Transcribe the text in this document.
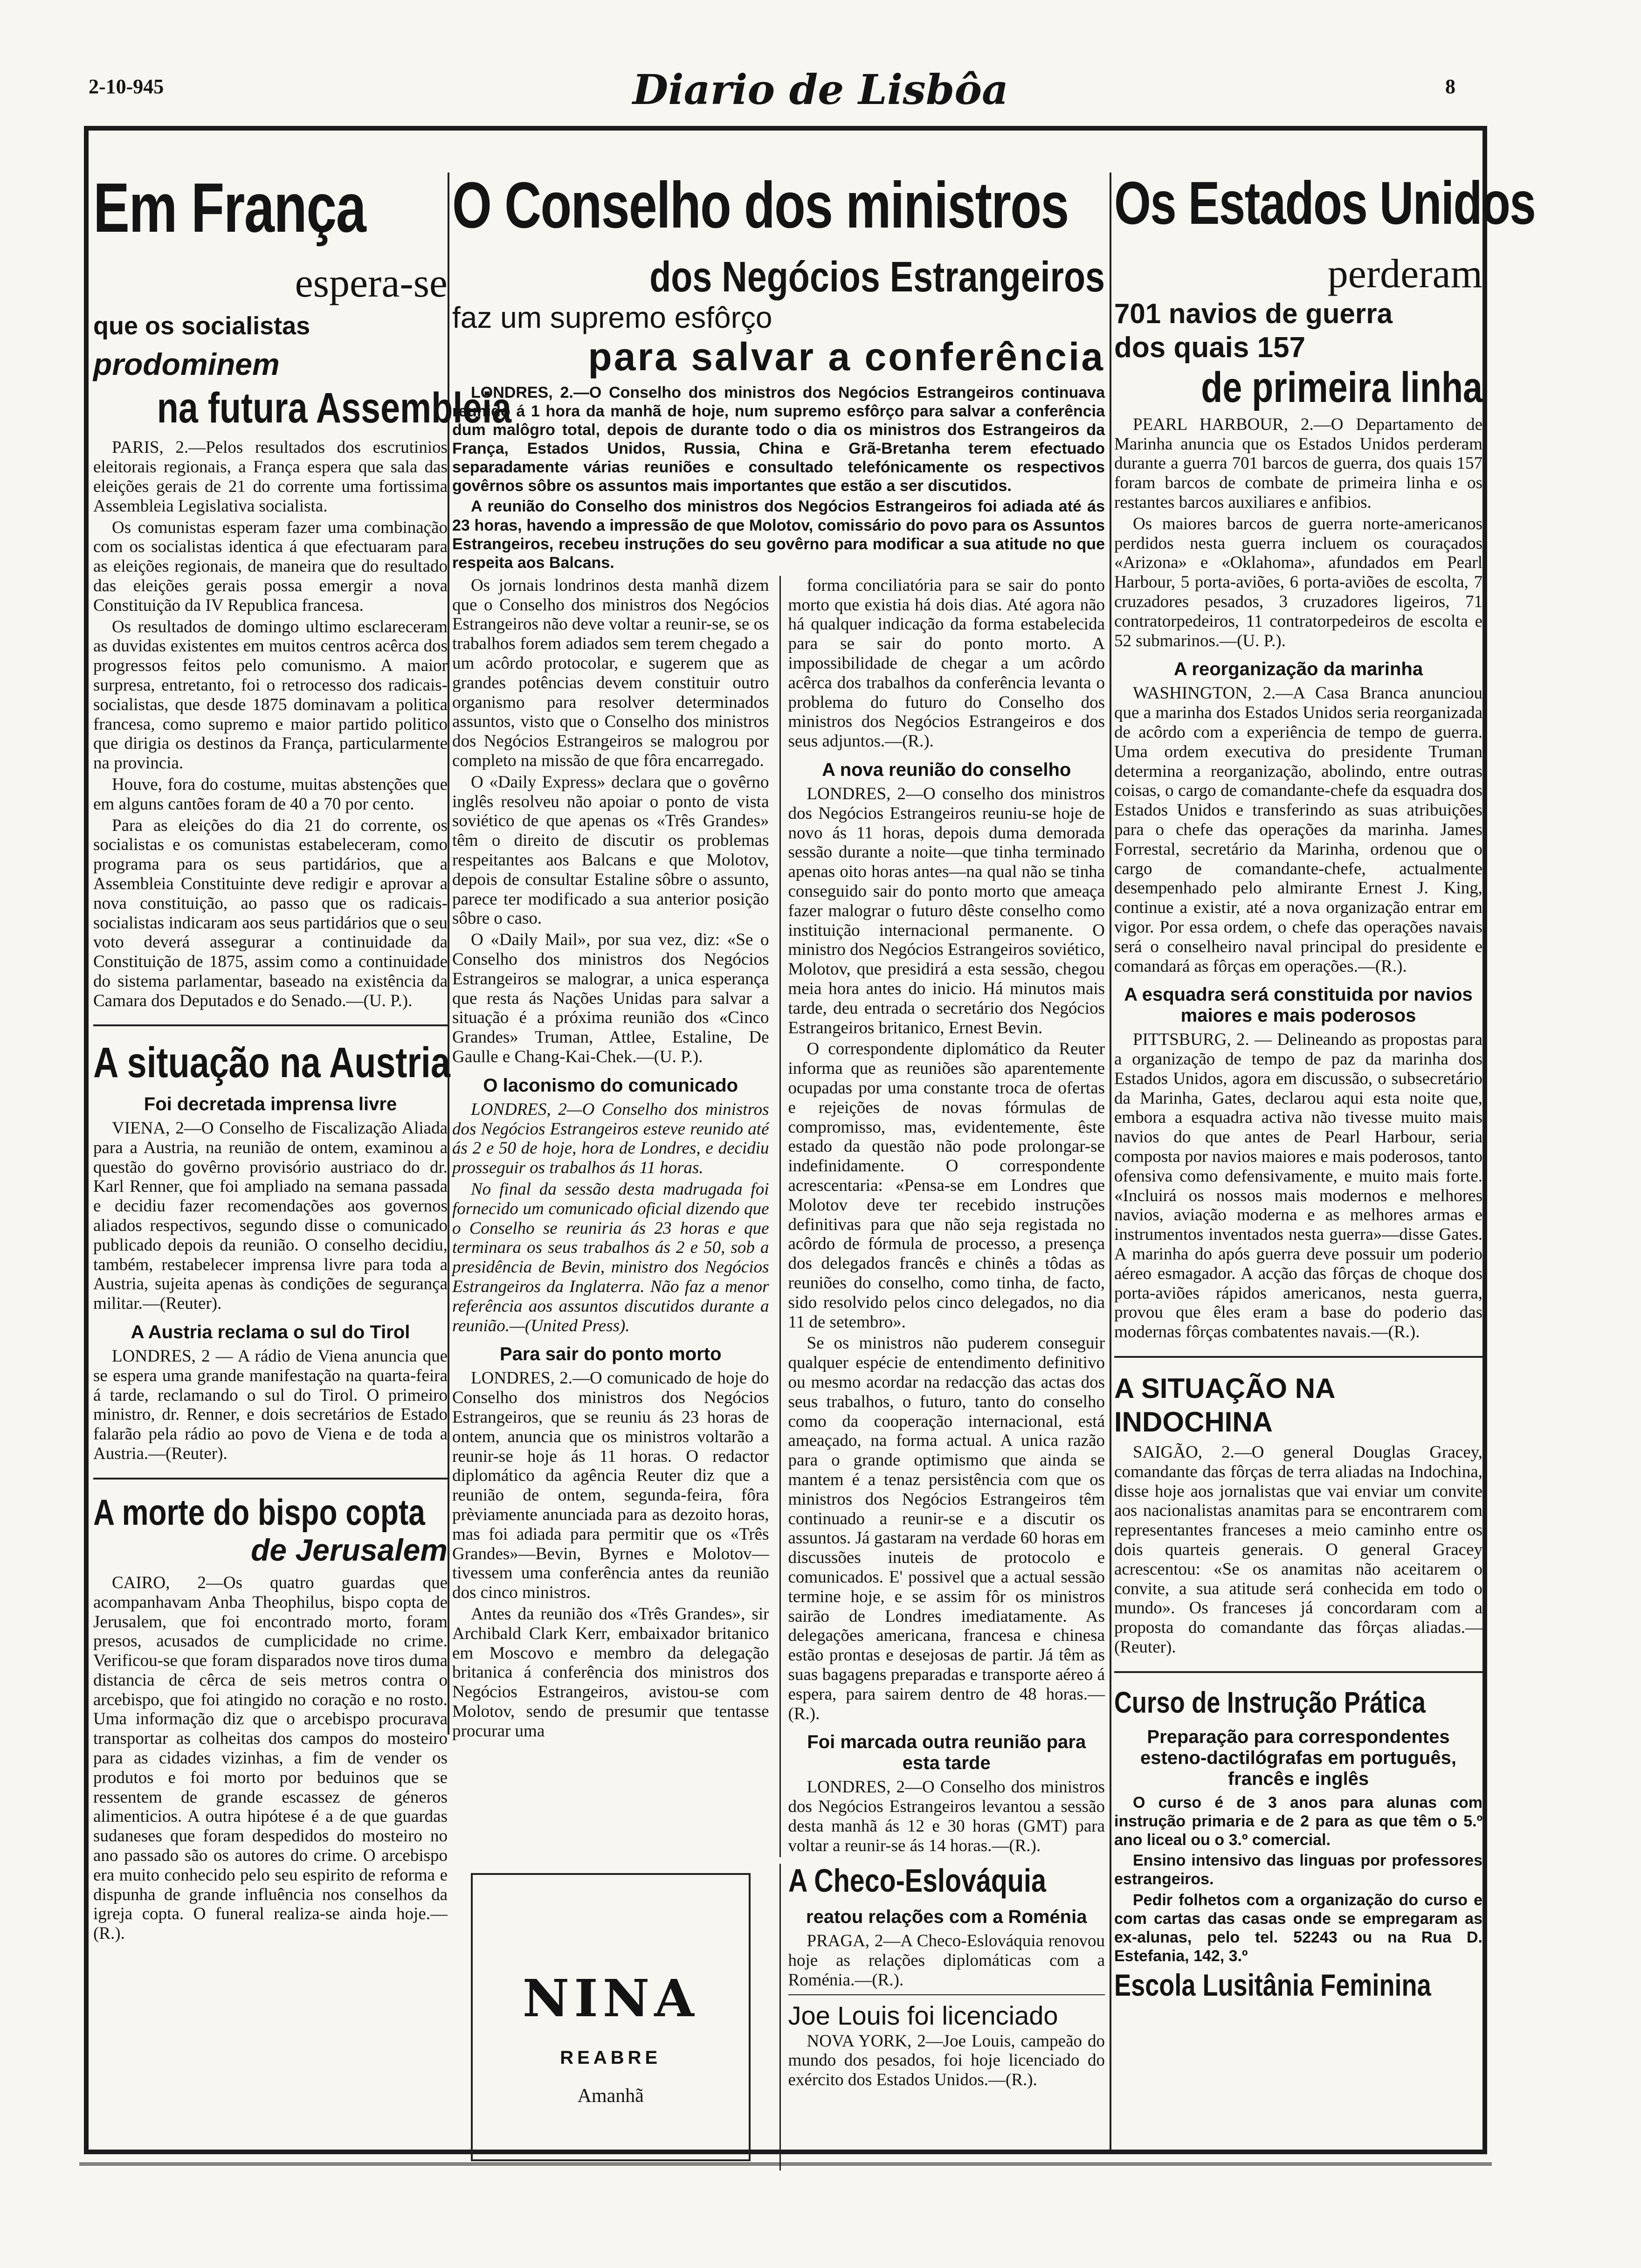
2-10-945	Diario de Lisbôa	8
Em França
espera-se
que os socialistas
prodominem
na futura Assembleia

PARIS, 2.—Pelos resultados dos escrutinios eleitorais regionais, a França espera que sala das eleições gerais de 21 do corrente uma fortissima Assembleia Legislativa socialista.

Os comunistas esperam fazer uma combinação com os socialistas identica á que efectuaram para as eleições regionais, de maneira que do resultado das eleições gerais possa emergir a nova Constituição da IV Republica francesa.

Os resultados de domingo ultimo esclareceram as duvidas existentes em muitos centros acêrca dos progressos feitos pelo comunismo. A maior surpresa, entretanto, foi o retrocesso dos radicais-socialistas, que desde 1875 dominavam a politica francesa, como supremo e maior partido politico que dirigia os destinos da França, particularmente na provincia.

Houve, fora do costume, muitas abstenções que em alguns cantões foram de 40 a 70 por cento.

Para as eleições do dia 21 do corrente, os socialistas e os comunistas estabeleceram, como programa para os seus partidários, que a Assembleia Constituinte deve redigir e aprovar a nova constituição, ao passo que os radicais-socialistas indicaram aos seus partidários que o seu voto deverá assegurar a continuidade da Constituição de 1875, assim como a continuidade do sistema parlamentar, baseado na existência da Camara dos Deputados e do Senado.—(U. P.).

A situação na Austria
Foi decretada imprensa livre

VIENA, 2—O Conselho de Fiscalização Aliada para a Austria, na reunião de ontem, examinou a questão do govêrno provisório austriaco do dr. Karl Renner, que foi ampliado na semana passada e decidiu fazer recomendações aos governos aliados respectivos, segundo disse o comunicado publicado depois da reunião. O conselho decidiu, também, restabelecer imprensa livre para toda a Austria, sujeita apenas às condições de segurança militar.—(Reuter).

A Austria reclama o sul do Tirol

LONDRES, 2 — A rádio de Viena anuncia que se espera uma grande manifestação na quarta-feira á tarde, reclamando o sul do Tirol. O primeiro ministro, dr. Renner, e dois secretários de Estado falarão pela rádio ao povo de Viena e de toda a Austria.—(Reuter).

A morte do bispo copta
de Jerusalem

CAIRO, 2—Os quatro guardas que acompanhavam Anba Theophilus, bispo copta de Jerusalem, que foi encontrado morto, foram presos, acusados de cumplicidade no crime. Verificou-se que foram disparados nove tiros duma distancia de cêrca de seis metros contra o arcebispo, que foi atingido no coração e no rosto. Uma informação diz que o arcebispo procurava transportar as colheitas dos campos do mosteiro para as cidades vizinhas, a fim de vender os produtos e foi morto por beduinos que se ressentem de grande escassez de géneros alimenticios. A outra hipótese é a de que guardas sudaneses que foram despedidos do mosteiro no ano passado são os autores do crime. O arcebispo era muito conhecido pelo seu espirito de reforma e dispunha de grande influência nos conselhos da igreja copta. O funeral realiza-se ainda hoje.—(R.).

O Conselho dos ministros
dos Negócios Estrangeiros
faz um supremo esfôrço
para salvar a conferência

LONDRES, 2.—O Conselho dos ministros dos Negócios Estrangeiros continuava reunido á 1 hora da manhã de hoje, num supremo esfôrço para salvar a conferência dum malôgro total, depois de durante todo o dia os ministros dos Estrangeiros da França, Estados Unidos, Russia, China e Grã-Bretanha terem efectuado separadamente várias reuniões e consultado telefónicamente os respectivos govêrnos sôbre os assuntos mais importantes que estão a ser discutidos.

A reunião do Conselho dos ministros dos Negócios Estrangeiros foi adiada até ás 23 horas, havendo a impressão de que Molotov, comissário do povo para os Assuntos Estrangeiros, recebeu instruções do seu govêrno para modificar a sua atitude no que respeita aos Balcans.

Os jornais londrinos desta manhã dizem que o Conselho dos ministros dos Negócios Estrangeiros não deve voltar a reunir-se, se os trabalhos forem adiados sem terem chegado a um acôrdo protocolar, e sugerem que as grandes potências devem constituir outro organismo para resolver determinados assuntos, visto que o Conselho dos ministros dos Negócios Estrangeiros se malogrou por completo na missão de que fôra encarregado.

O «Daily Express» declara que o govêrno inglês resolveu não apoiar o ponto de vista soviético de que apenas os «Três Grandes» têm o direito de discutir os problemas respeitantes aos Balcans e que Molotov, depois de consultar Estaline sôbre o assunto, parece ter modificado a sua anterior posição sôbre o caso.

O «Daily Mail», por sua vez, diz: «Se o Conselho dos ministros dos Negócios Estrangeiros se malograr, a unica esperança que resta ás Nações Unidas para salvar a situação é a próxima reunião dos «Cinco Grandes» Truman, Attlee, Estaline, De Gaulle e Chang-Kai-Chek.—(U. P.).

O laconismo do comunicado

LONDRES, 2—O Conselho dos ministros dos Negócios Estrangeiros esteve reunido até ás 2 e 50 de hoje, hora de Londres, e decidiu prosseguir os trabalhos ás 11 horas.

No final da sessão desta madrugada foi fornecido um comunicado oficial dizendo que o Conselho se reuniria ás 23 horas e que terminara os seus trabalhos ás 2 e 50, sob a presidência de Bevin, ministro dos Negócios Estrangeiros da Inglaterra. Não faz a menor referência aos assuntos discutidos durante a reunião.—(United Press).

Para sair do ponto morto

LONDRES, 2.—O comunicado de hoje do Conselho dos ministros dos Negócios Estrangeiros, que se reuniu ás 23 horas de ontem, anuncia que os ministros voltarão a reunir-se hoje ás 11 horas. O redactor diplomático da agência Reuter diz que a reunião de ontem, segunda-feira, fôra prèviamente anunciada para as dezoito horas, mas foi adiada para permitir que os «Três Grandes»—Bevin, Byrnes e Molotov—tivessem uma conferência antes da reunião dos cinco ministros.

Antes da reunião dos «Três Grandes», sir Archibald Clark Kerr, embaixador britanico em Moscovo e membro da delegação britanica á conferência dos ministros dos Negócios Estrangeiros, avistou-se com Molotov, sendo de presumir que tentasse procurar uma

forma conciliatória para se sair do ponto morto que existia há dois dias. Até agora não há qualquer indicação da forma estabelecida para se sair do ponto morto. A impossibilidade de chegar a um acôrdo acêrca dos trabalhos da conferência levanta o problema do futuro do Conselho dos ministros dos Negócios Estrangeiros e dos seus adjuntos.—(R.).

A nova reunião do conselho

LONDRES, 2—O conselho dos ministros dos Negócios Estrangeiros reuniu-se hoje de novo ás 11 horas, depois duma demorada sessão durante a noite—que tinha terminado apenas oito horas antes—na qual não se tinha conseguido sair do ponto morto que ameaça fazer malograr o futuro dêste conselho como instituição internacional permanente. O ministro dos Negócios Estrangeiros soviético, Molotov, que presidirá a esta sessão, chegou meia hora antes do inicio. Há minutos mais tarde, deu entrada o secretário dos Negócios Estrangeiros britanico, Ernest Bevin.

O correspondente diplomático da Reuter informa que as reuniões são aparentemente ocupadas por uma constante troca de ofertas e rejeições de novas fórmulas de compromisso, mas, evidentemente, êste estado da questão não pode prolongar-se indefinidamente. O correspondente acrescentaria: «Pensa-se em Londres que Molotov deve ter recebido instruções definitivas para que não seja registada no acôrdo de fórmula de processo, a presença dos delegados francês e chinês a tôdas as reuniões do conselho, como tinha, de facto, sido resolvido pelos cinco delegados, no dia 11 de setembro».

Se os ministros não puderem conseguir qualquer espécie de entendimento definitivo ou mesmo acordar na redacção das actas dos seus trabalhos, o futuro, tanto do conselho como da cooperação internacional, está ameaçado, na forma actual. A unica razão para o grande optimismo que ainda se mantem é a tenaz persistência com que os ministros dos Negócios Estrangeiros têm continuado a reunir-se e a discutir os assuntos. Já gastaram na verdade 60 horas em discussões inuteis de protocolo e comunicados. E' possivel que a actual sessão termine hoje, e se assim fôr os ministros sairão de Londres imediatamente. As delegações americana, francesa e chinesa estão prontas e desejosas de partir. Já têm as suas bagagens preparadas e transporte aéreo á espera, para sairem dentro de 48 horas.—(R.).

Foi marcada outra reunião para esta tarde

LONDRES, 2—O Conselho dos ministros dos Negócios Estrangeiros levantou a sessão desta manhã ás 12 e 30 horas (GMT) para voltar a reunir-se ás 14 horas.—(R.).

NINA
REABRE
Amanhã
A Checo-Eslováquia
reatou relações com a Roménia

PRAGA, 2—A Checo-Eslováquia renovou hoje as relações diplomáticas com a Roménia.—(R.).

Joe Louis foi licenciado

NOVA YORK, 2—Joe Louis, campeão do mundo dos pesados, foi hoje licenciado do exército dos Estados Unidos.—(R.).

Os Estados Unidos
perderam
701 navios de guerra
dos quais 157
de primeira linha

PEARL HARBOUR, 2.—O Departamento de Marinha anuncia que os Estados Unidos perderam durante a guerra 701 barcos de guerra, dos quais 157 foram barcos de combate de primeira linha e os restantes barcos auxiliares e anfibios.

Os maiores barcos de guerra norte-americanos perdidos nesta guerra incluem os couraçados «Arizona» e «Oklahoma», afundados em Pearl Harbour, 5 porta-aviões, 6 porta-aviões de escolta, 7 cruzadores pesados, 3 cruzadores ligeiros, 71 contratorpedeiros, 11 contratorpedeiros de escolta e 52 submarinos.—(U. P.).

A reorganização da marinha

WASHINGTON, 2.—A Casa Branca anunciou que a marinha dos Estados Unidos seria reorganizada de acôrdo com a experiência de tempo de guerra. Uma ordem executiva do presidente Truman determina a reorganização, abolindo, entre outras coisas, o cargo de comandante-chefe da esquadra dos Estados Unidos e transferindo as suas atribuições para o chefe das operações da marinha. James Forrestal, secretário da Marinha, ordenou que o cargo de comandante-chefe, actualmente desempenhado pelo almirante Ernest J. King, continue a existir, até a nova organização entrar em vigor. Por essa ordem, o chefe das operações navais será o conselheiro naval principal do presidente e comandará as fôrças em operações.—(R.).

A esquadra será constituida por navios maiores e mais poderosos

PITTSBURG, 2. — Delineando as propostas para a organização de tempo de paz da marinha dos Estados Unidos, agora em discussão, o subsecretário da Marinha, Gates, declarou aqui esta noite que, embora a esquadra activa não tivesse muito mais navios do que antes de Pearl Harbour, seria composta por navios maiores e mais poderosos, tanto ofensiva como defensivamente, e muito mais forte. «Incluirá os nossos mais modernos e melhores navios, aviação moderna e as melhores armas e instrumentos inventados nesta guerra»—disse Gates. A marinha do após guerra deve possuir um poderio aéreo esmagador. A acção das fôrças de choque dos porta-aviões rápidos americanos, nesta guerra, provou que êles eram a base do poderio das modernas fôrças combatentes navais.—(R.).

A SITUAÇÃO NA INDOCHINA

SAIGÃO, 2.—O general Douglas Gracey, comandante das fôrças de terra aliadas na Indochina, disse hoje aos jornalistas que vai enviar um convite aos nacionalistas anamitas para se encontrarem com representantes franceses a meio caminho entre os dois quarteis generais. O general Gracey acrescentou: «Se os anamitas não aceitarem o convite, a sua atitude será conhecida em todo o mundo». Os franceses já concordaram com a proposta do comandante das fôrças aliadas.—(Reuter).

Curso de Instrução Prática
Preparação para correspondentes esteno-dactilógrafas em português, francês e inglês

O curso é de 3 anos para alunas com instrução primaria e de 2 para as que têm o 5.º ano liceal ou o 3.º comercial.

Ensino intensivo das linguas por professores estrangeiros.

Pedir folhetos com a organização do curso e com cartas das casas onde se empregaram as ex-alunas, pelo tel. 52243 ou na Rua D. Estefania, 142, 3.º

Escola Lusitânia Feminina
